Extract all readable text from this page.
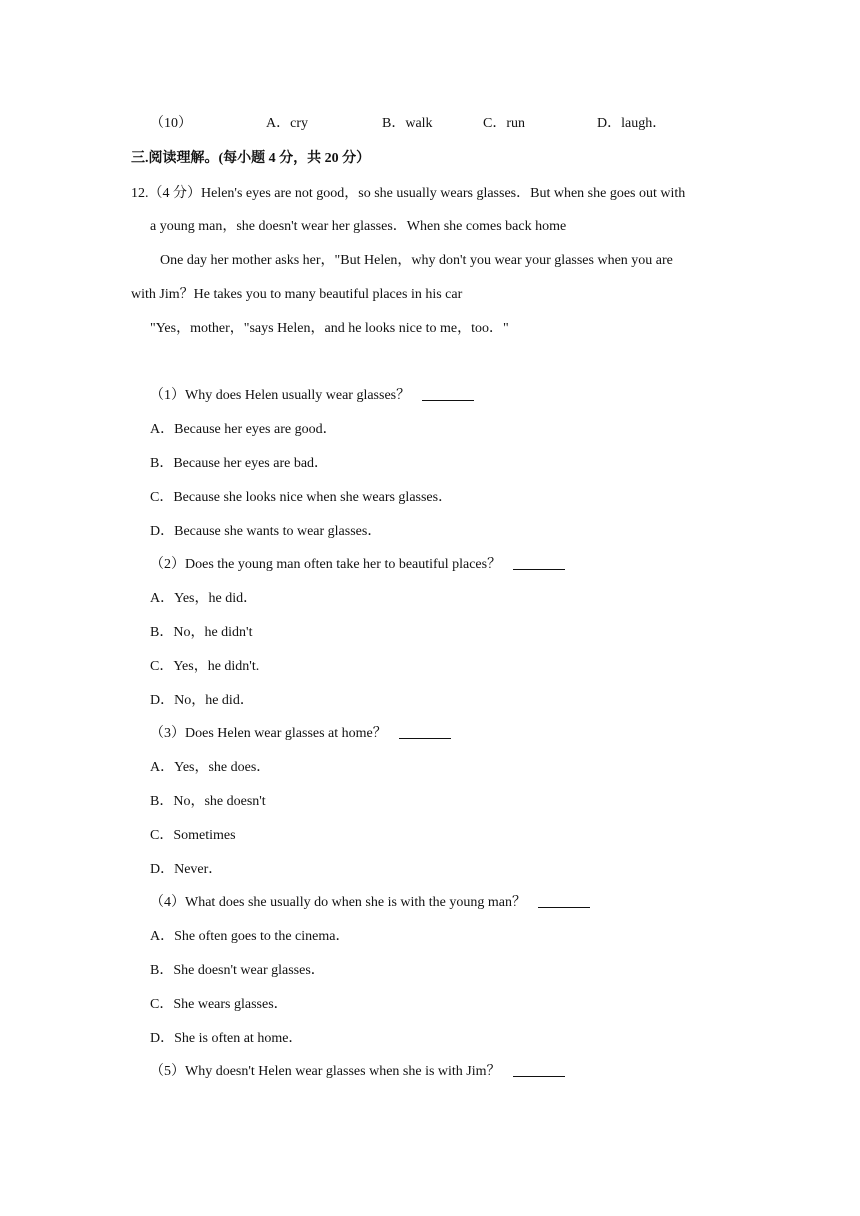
（10）	A．cry	B．walk	C．run	D．laugh．
三.阅读理解。(每小题 4 分，共 20 分）
12.（4 分）Helen's eyes are not good，so she usually wears glasses．But when she goes out with
a young man，she doesn't wear her glasses．When she comes back home
One day her mother asks her，"But Helen，why don't you wear your glasses when you are
with Jim？He takes you to many beautiful places in his car
"Yes，mother，"says Helen，and he looks nice to me，too．"
（1）Why does Helen usually wear glasses？
A．Because her eyes are good．
B．Because her eyes are bad．
C．Because she looks nice when she wears glasses．
D．Because she wants to wear glasses．
（2）Does the young man often take her to beautiful places？
A．Yes，he did．
B．No，he didn't
C．Yes，he didn't.
D．No，he did．
（3）Does Helen wear glasses at home？
A．Yes，she does．
B．No，she doesn't
C．Sometimes
D．Never．
（4）What does she usually do when she is with the young man？
A．She often goes to the cinema．
B．She doesn't wear glasses．
C．She wears glasses．
D．She is often at home．
（5）Why doesn't Helen wear glasses when she is with Jim？
